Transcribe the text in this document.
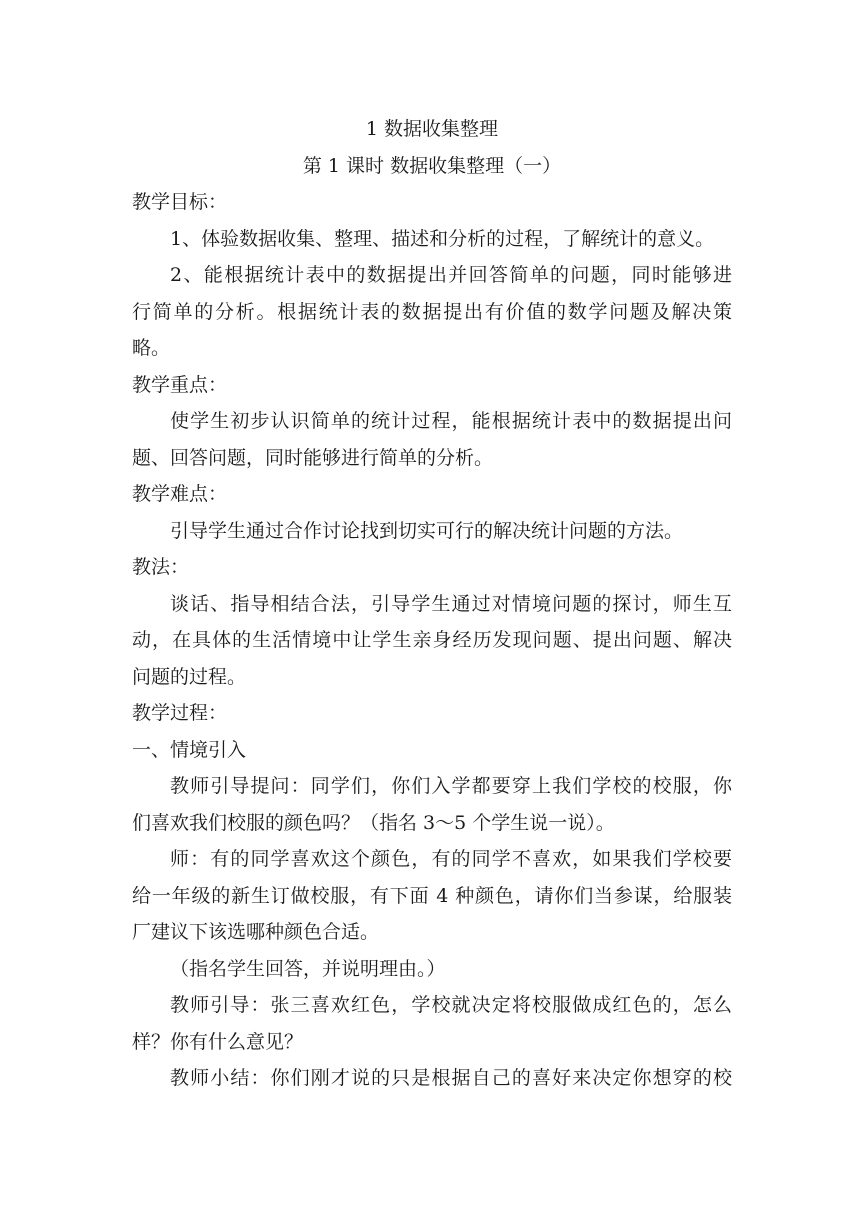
1 数据收集整理
第 1 课时 数据收集整理（一）
教学目标：
1、体验数据收集、整理、描述和分析的过程，了解统计的意义。
2、能根据统计表中的数据提出并回答简单的问题，同时能够进
行简单的分析。根据统计表的数据提出有价值的数学问题及解决策
略。
教学重点：
使学生初步认识简单的统计过程，能根据统计表中的数据提出问
题、回答问题，同时能够进行简单的分析。
教学难点：
引导学生通过合作讨论找到切实可行的解决统计问题的方法。
教法：
谈话、指导相结合法，引导学生通过对情境问题的探讨，师生互
动，在具体的生活情境中让学生亲身经历发现问题、提出问题、解决
问题的过程。
教学过程：
一、情境引入
教师引导提问：同学们，你们入学都要穿上我们学校的校服，你
们喜欢我们校服的颜色吗？（指名 3～5 个学生说一说）。
师：有的同学喜欢这个颜色，有的同学不喜欢，如果我们学校要
给一年级的新生订做校服，有下面 4 种颜色，请你们当参谋，给服装
厂建议下该选哪种颜色合适。
（指名学生回答，并说明理由。）
教师引导：张三喜欢红色，学校就决定将校服做成红色的，怎么
样？你有什么意见？
教师小结：你们刚才说的只是根据自己的喜好来决定你想穿的校
